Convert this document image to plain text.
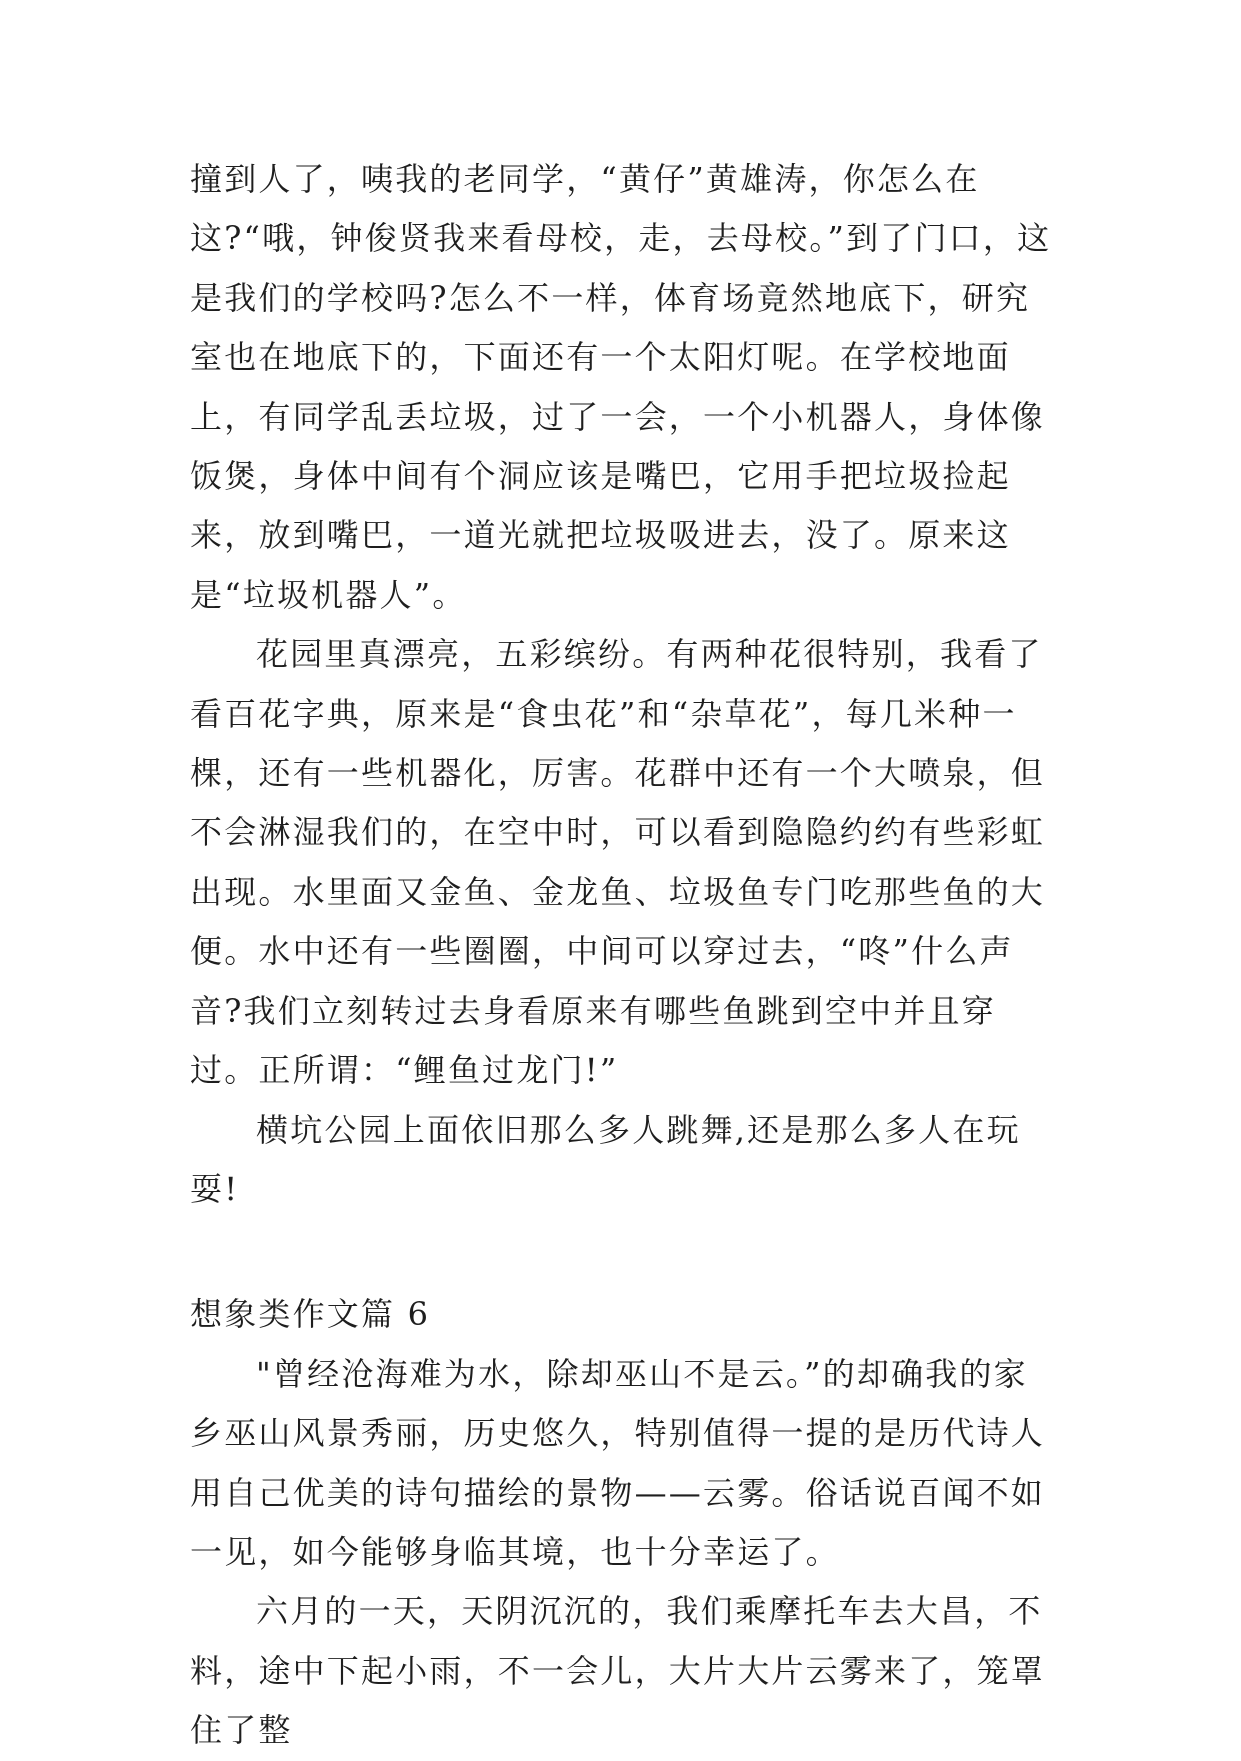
撞到人了，咦我的老同学，“黄仔”黄雄涛，你怎么在这?“哦，钟俊贤我来看母校，走，去母校。”到了门口，这是我们的学校吗?怎么不一样，体育场竟然地底下，研究室也在地底下的，下面还有一个太阳灯呢。在学校地面上，有同学乱丢垃圾，过了一会，一个小机器人，身体像饭煲，身体中间有个洞应该是嘴巴，它用手把垃圾捡起来，放到嘴巴，一道光就把垃圾吸进去，没了。原来这是“垃圾机器人”。

花园里真漂亮，五彩缤纷。有两种花很特别，我看了看百花字典，原来是“食虫花”和“杂草花”，每几米种一棵，还有一些机器化，厉害。花群中还有一个大喷泉，但不会淋湿我们的，在空中时，可以看到隐隐约约有些彩虹出现。水里面又金鱼、金龙鱼、垃圾鱼专门吃那些鱼的大便。水中还有一些圈圈，中间可以穿过去，“咚”什么声音?我们立刻转过去身看原来有哪些鱼跳到空中并且穿过。正所谓：“鲤鱼过龙门!”

横坑公园上面依旧那么多人跳舞,还是那么多人在玩耍!

想象类作文篇 6

"曾经沧海难为水，除却巫山不是云。”的却确我的家乡巫山风景秀丽，历史悠久，特别值得一提的是历代诗人用自己优美的诗句描绘的景物——云雾。俗话说百闻不如一见，如今能够身临其境，也十分幸运了。

六月的一天，天阴沉沉的，我们乘摩托车去大昌，不料，途中下起小雨，不一会儿，大片大片云雾来了，笼罩住了整
